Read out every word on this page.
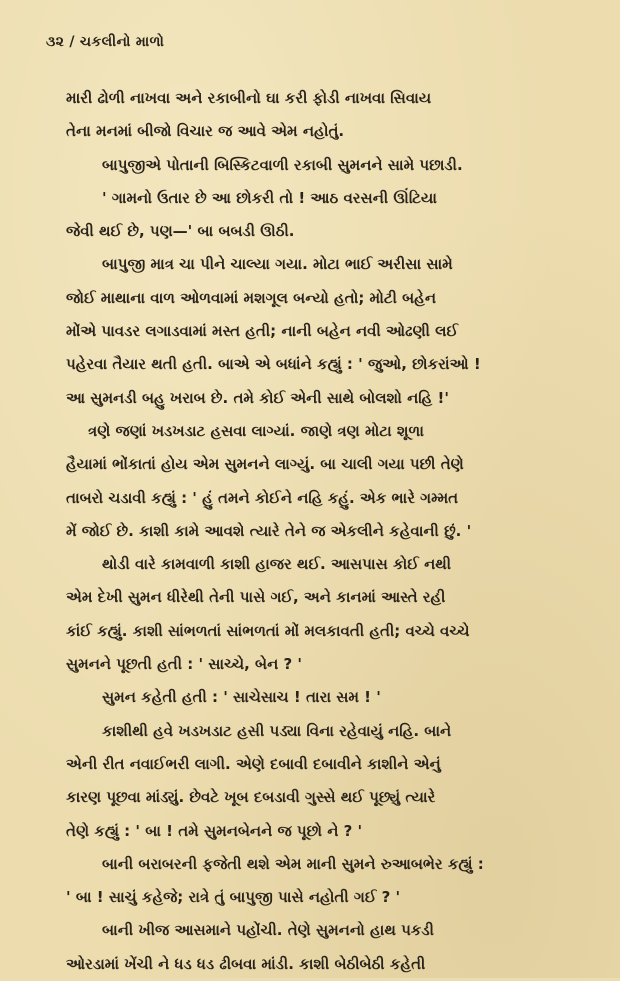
૩૨ / ચકલીનો માળો
મારી ઢોળી નાખવા અને રકાબીનો ઘા કરી ફોડી નાખવા સિવાય
તેના મનમાં બીજો વિચાર જ આવે એમ નહોતું.
બાપુજીએ પોતાની બિસ્કિટવાળી રકાબી સુમનને સામે પછાડી.
' ગામનો ઉતાર છે આ છોકરી તો ! આઠ વરસની ઊંટિયા
જેવી થઈ છે, પણ—' બા બબડી ઊઠી.
બાપુજી માત્ર ચા પીને ચાલ્યા ગયા. મોટા ભાઈ અરીસા સામે
જોઈ માથાના વાળ ઓળવામાં મશગૂલ બન્યો હતો; મોટી બહેન
મોંએ પાવડર લગાડવામાં મસ્ત હતી; નાની બહેન નવી ઓઢણી લઈ
પહેરવા તૈયાર થતી હતી. બાએ એ બધાંને કહ્યું : ' જુઓ, છોકરાંઓ !
આ સુમનડી બહુ ખરાબ છે. તમે કોઈ એની સાથે બોલશો નહિ !'
ત્રણે જણાં ખડખડાટ હસવા લાગ્યાં. જાણે ત્રણ મોટા શૂળા
હૈયામાં ભોંકાતાં હોય એમ સુમનને લાગ્યું. બા ચાલી ગયા પછી તેણે
તાબરો ચડાવી કહ્યું : ' હું તમને કોઈને નહિ કહું. એક ભારે ગમ્મત
મેં જોઈ છે. કાશી કામે આવશે ત્યારે તેને જ એકલીને કહેવાની છું. '
થોડી વારે કામવાળી કાશી હાજર થઈ. આસપાસ કોઈ નથી
એમ દેખી સુમન ધીરેથી તેની પાસે ગઈ, અને કાનમાં આસ્તે રહી
કાંઈ કહ્યું. કાશી સાંભળતાં સાંભળતાં મોં મલકાવતી હતી; વચ્ચે વચ્ચે
સુમનને પૂછતી હતી : ' સાચ્ચે, બેન ? '
સુમન કહેતી હતી : ' સાચેસાચ ! તારા સમ ! '
કાશીથી હવે ખડખડાટ હસી પડ્યા વિના રહેવાયું નહિ. બાને
એની રીત નવાઈભરી લાગી. એણે દબાવી દબાવીને કાશીને એનું
કારણ પૂછવા માંડ્યું. છેવટે ખૂબ દબડાવી ગુસ્સે થઈ પૂછ્યું ત્યારે
તેણે કહ્યું : ' બા ! તમે સુમનબેનને જ પૂછો ને ? '
બાની બરાબરની ફજેતી થશે એમ માની સુમને રુઆબભેર કહ્યું :
' બા ! સાચું કહેજે; રાત્રે તું બાપુજી પાસે નહોતી ગઈ ? '
બાની ખીજ આસમાને પહોંચી. તેણે સુમનનો હાથ પકડી
ઓરડામાં ખેંચી ને ધડ ધડ ઢીબવા માંડી. કાશી બેઠીબેઠી કહેતી
